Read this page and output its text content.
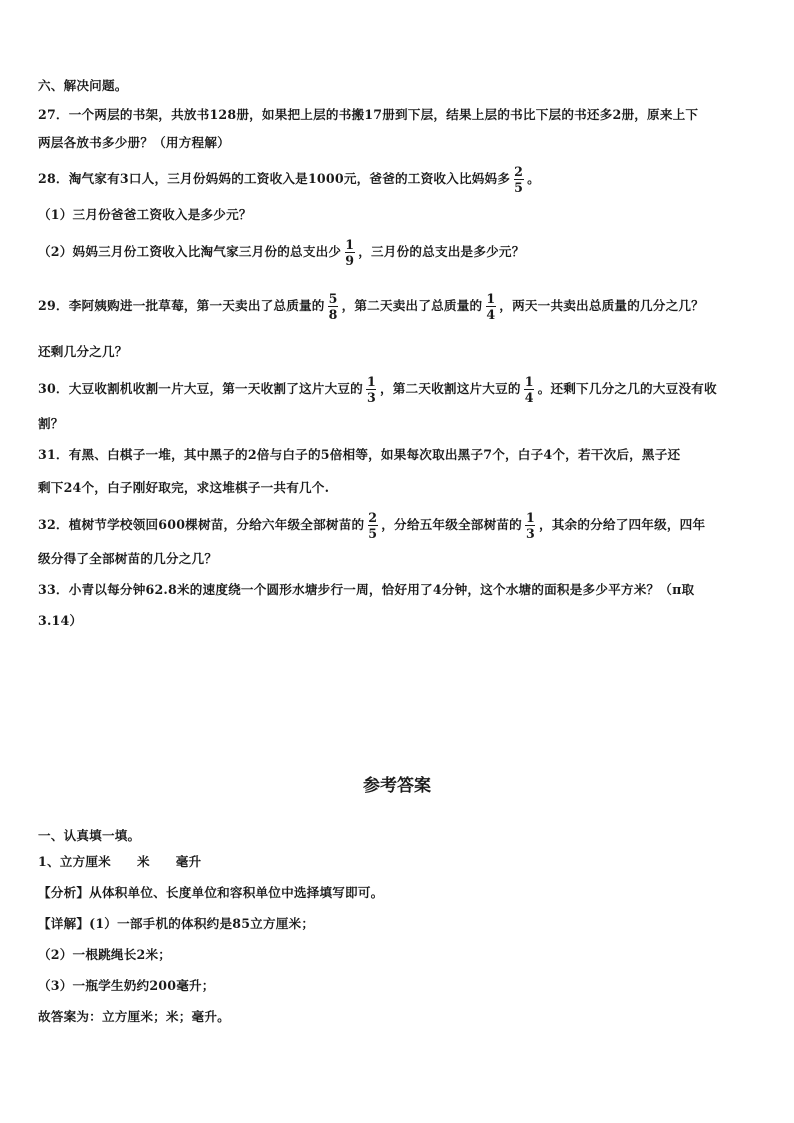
六、解决问题。
27．一个两层的书架，共放书128册，如果把上层的书搬17册到下层，结果上层的书比下层的书还多2册，原来上下
两层各放书多少册？（用方程解）
28．淘气家有3口人，三月份妈妈的工资收入是1000元，爸爸的工资收入比妈妈多 $\frac{2}{5}$ 。
（1）三月份爸爸工资收入是多少元？
（2）妈妈三月份工资收入比淘气家三月份的总支出少 $\frac{1}{9}$ ，三月份的总支出是多少元？
29．李阿姨购进一批草莓，第一天卖出了总质量的 $\frac{5}{8}$ ，第二天卖出了总质量的 $\frac{1}{4}$ ，两天一共卖出总质量的几分之几？
还剩几分之几？
30．大豆收割机收割一片大豆，第一天收割了这片大豆的 $\frac{1}{3}$ ，第二天收割这片大豆的 $\frac{1}{4}$ 。还剩下几分之几的大豆没有收
割？
31．有黑、白棋子一堆，其中黑子的2倍与白子的5倍相等，如果每次取出黑子7个，白子4个，若干次后，黑子还
剩下24个，白子刚好取完，求这堆棋子一共有几个.
32．植树节学校领回600棵树苗，分给六年级全部树苗的 $\frac{2}{5}$ ，分给五年级全部树苗的 $\frac{1}{3}$ ，其余的分给了四年级，四年
级分得了全部树苗的几分之几？
33．小青以每分钟62.8米的速度绕一个圆形水塘步行一周，恰好用了4分钟，这个水塘的面积是多少平方米？（π取
3.14）
参考答案
一、认真填一填。
1、立方厘米 米 毫升
【分析】从体积单位、长度单位和容积单位中选择填写即可。
【详解】(1）一部手机的体积约是85立方厘米；
（2）一根跳绳长2米；
（3）一瓶学生奶约200毫升；
故答案为：立方厘米；米；毫升。
